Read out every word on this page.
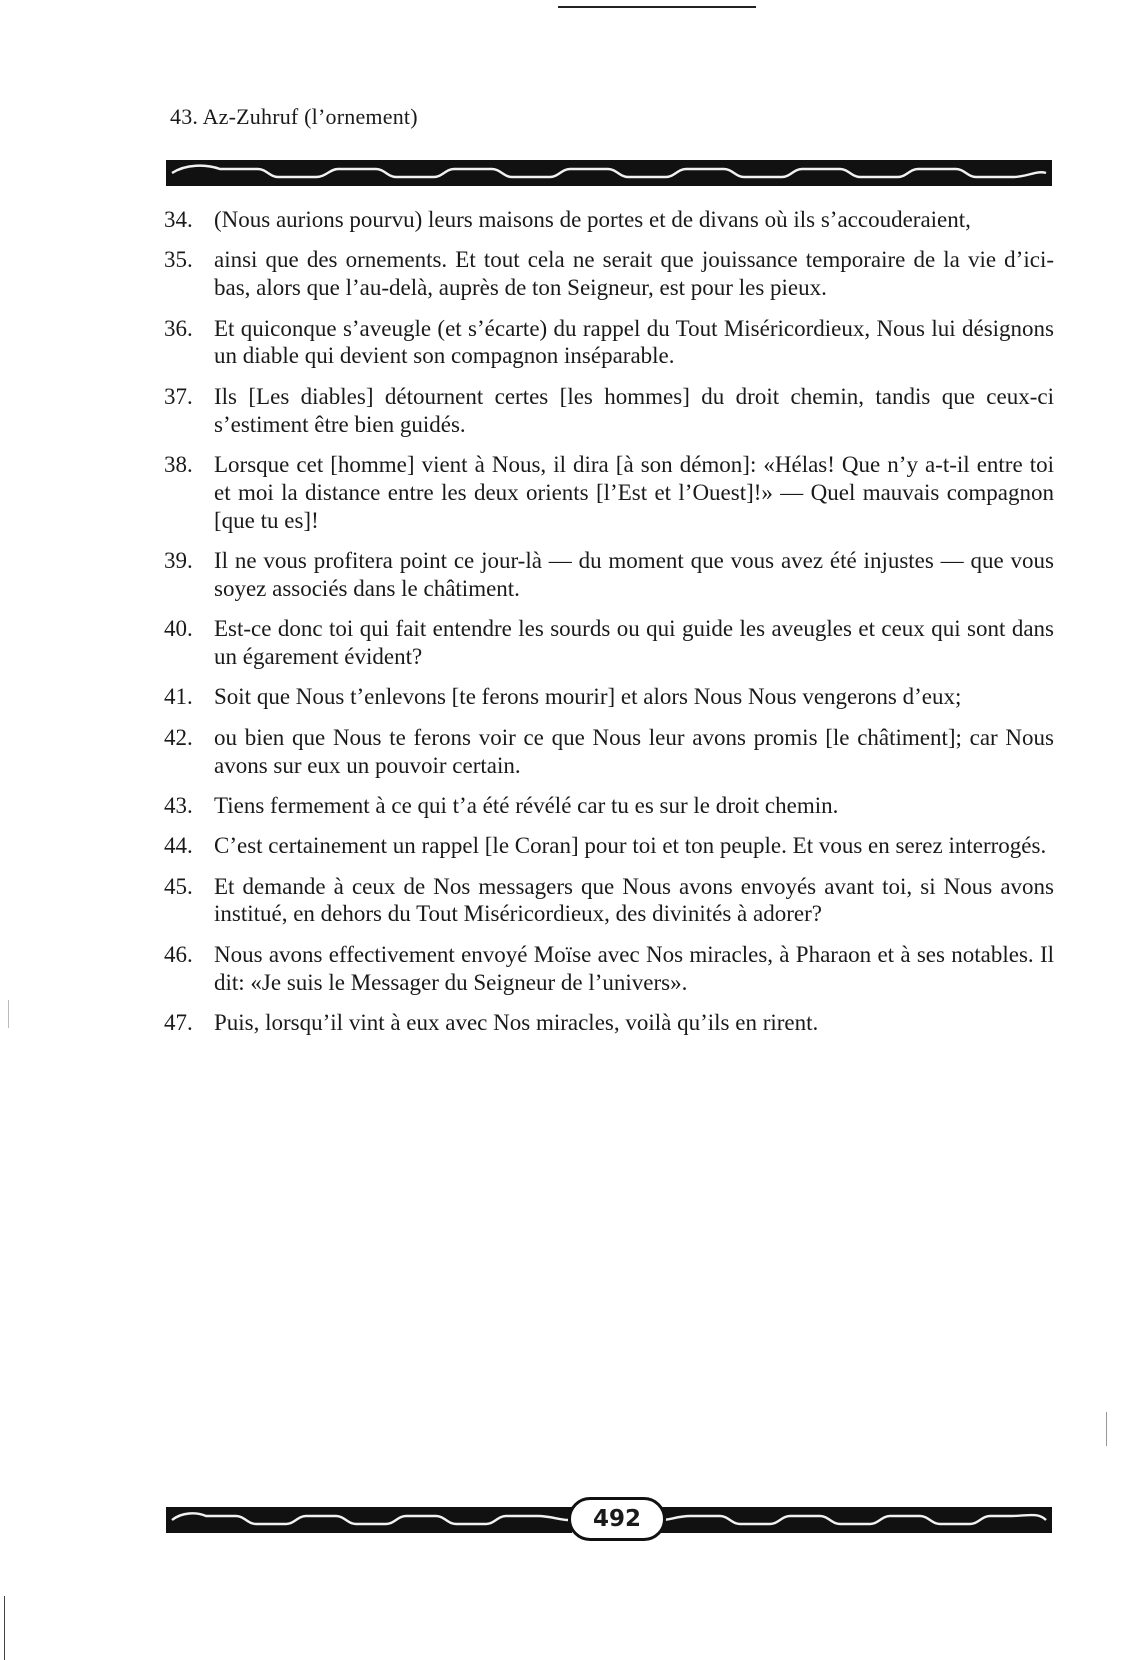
43. Az-Zuhruf (l’ornement)
34. (Nous aurions pourvu) leurs maisons de portes et de divans où ils s’accouderaient,
35. ainsi que des ornements. Et tout cela ne serait que jouissance temporaire de la vie d’ici-bas, alors que l’au-delà, auprès de ton Seigneur, est pour les pieux.
36. Et quiconque s’aveugle (et s’écarte) du rappel du Tout Miséricordieux, Nous lui désignons un diable qui devient son compagnon inséparable.
37. Ils [Les diables] détournent certes [les hommes] du droit chemin, tandis que ceux-ci s’estiment être bien guidés.
38. Lorsque cet [homme] vient à Nous, il dira [à son démon]: «Hélas! Que n’y a-t-il entre toi et moi la distance entre les deux orients [l’Est et l’Ouest]!» — Quel mauvais compagnon [que tu es]!
39. Il ne vous profitera point ce jour-là — du moment que vous avez été injustes — que vous soyez associés dans le châtiment.
40. Est-ce donc toi qui fait entendre les sourds ou qui guide les aveugles et ceux qui sont dans un égarement évident?
41. Soit que Nous t’enlevons [te ferons mourir] et alors Nous Nous vengerons d’eux;
42. ou bien que Nous te ferons voir ce que Nous leur avons promis [le châtiment]; car Nous avons sur eux un pouvoir certain.
43. Tiens fermement à ce qui t’a été révélé car tu es sur le droit chemin.
44. C’est certainement un rappel [le Coran] pour toi et ton peuple. Et vous en serez interrogés.
45. Et demande à ceux de Nos messagers que Nous avons envoyés avant toi, si Nous avons institué, en dehors du Tout Miséricordieux, des divinités à adorer?
46. Nous avons effectivement envoyé Moïse avec Nos miracles, à Pharaon et à ses notables. Il dit: «Je suis le Messager du Seigneur de l’univers».
47. Puis, lorsqu’il vint à eux avec Nos miracles, voilà qu’ils en rirent.
492
